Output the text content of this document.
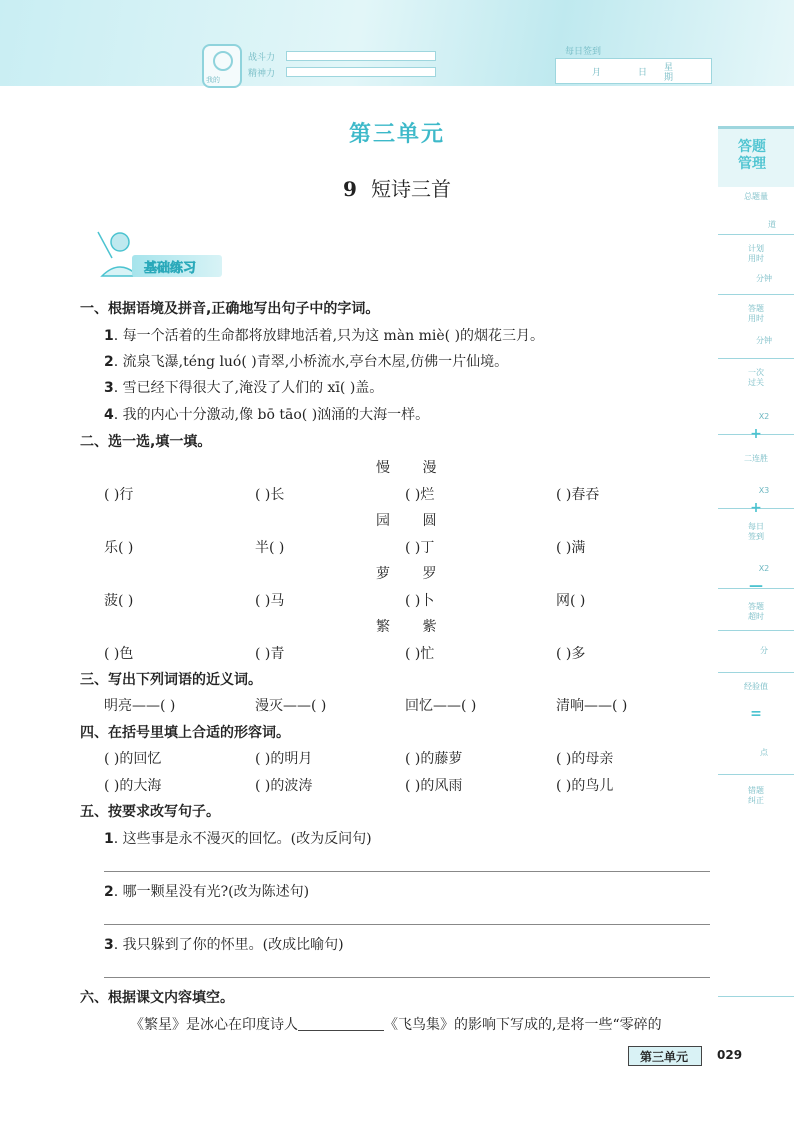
我的
战斗力
精神力
每日签到
月	日 星
期
答题
管理
总题量
道
计划
用时
分钟
答题
用时
分钟
一次
过关
X2
+
二连胜
X3
+
每日
签到
X2
—
答题
超时
分
经验值
=
点
错题
纠正
第三单元
9 短诗三首
基础练习
一、根据语境及拼音,正确地写出句子中的字词。
1. 每一个活着的生命都将放肆地活着,只为这 màn miè( )的烟花三月。
2. 流泉飞瀑,téng luó( )青翠,小桥流水,亭台木屋,仿佛一片仙境。
3. 雪已经下得很大了,淹没了人们的 xī( )盖。
4. 我的内心十分激动,像 bō tāo( )汹涌的大海一样。
二、选一选,填一填。
慢 漫
( )行	( )长	( )烂	( )春吞
园 圆
乐( )	半( )	( )丁	( )满
萝 罗
菠( )	( )马	( )卜	网( )
繁 紫
( )色	( )青	( )忙	( )多
三、写出下列词语的近义词。
明亮——( )	漫灭——( )	回忆——( )	清响——( )
四、在括号里填上合适的形容词。
( )的回忆	( )的明月	( )的藤萝	( )的母亲
( )的大海	( )的波涛	( )的风雨	( )的鸟儿
五、按要求改写句子。
1. 这些事是永不漫灭的回忆。(改为反问句)
2. 哪一颗星没有光?(改为陈述句)
3. 我只躲到了你的怀里。(改成比喻句)
六、根据课文内容填空。
《繁星》是冰心在印度诗人	《飞鸟集》的影响下写成的,是将一些“零碎的
第三单元	029
